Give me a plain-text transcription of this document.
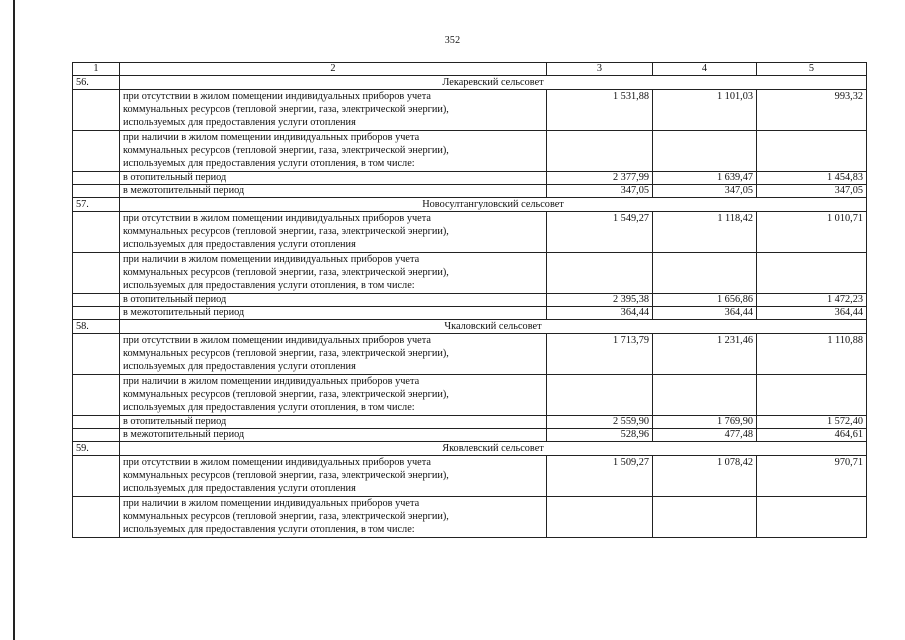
352
1	2	3	4	5
56.	Лекаревский сельсовет			

	при отсутствии в жилом помещении индивидуальных приборов учета
коммунальных ресурсов (тепловой энергии, газа, электрической энергии),
используемых для предоставления услуги отопления	1 531,88	1 101,03	993,32

	при наличии в жилом помещении индивидуальных приборов учета
коммунальных ресурсов (тепловой энергии, газа, электрической энергии),
используемых для предоставления услуги отопления, в том числе:			

	в отопительный период	2 377,99	1 639,47	1 454,83

	в межотопительный период	347,05	347,05	347,05
57.	Новосултангуловский сельсовет			

	при отсутствии в жилом помещении индивидуальных приборов учета
коммунальных ресурсов (тепловой энергии, газа, электрической энергии),
используемых для предоставления услуги отопления	1 549,27	1 118,42	1 010,71

	при наличии в жилом помещении индивидуальных приборов учета
коммунальных ресурсов (тепловой энергии, газа, электрической энергии),
используемых для предоставления услуги отопления, в том числе:			

	в отопительный период	2 395,38	1 656,86	1 472,23

	в межотопительный период	364,44	364,44	364,44
58.	Чкаловский сельсовет			

	при отсутствии в жилом помещении индивидуальных приборов учета
коммунальных ресурсов (тепловой энергии, газа, электрической энергии),
используемых для предоставления услуги отопления	1 713,79	1 231,46	1 110,88

	при наличии в жилом помещении индивидуальных приборов учета
коммунальных ресурсов (тепловой энергии, газа, электрической энергии),
используемых для предоставления услуги отопления, в том числе:			

	в отопительный период	2 559,90	1 769,90	1 572,40

	в межотопительный период	528,96	477,48	464,61
59.	Яковлевский сельсовет			

	при отсутствии в жилом помещении индивидуальных приборов учета
коммунальных ресурсов (тепловой энергии, газа, электрической энергии),
используемых для предоставления услуги отопления	1 509,27	1 078,42	970,71

	при наличии в жилом помещении индивидуальных приборов учета
коммунальных ресурсов (тепловой энергии, газа, электрической энергии),
используемых для предоставления услуги отопления, в том числе:			
